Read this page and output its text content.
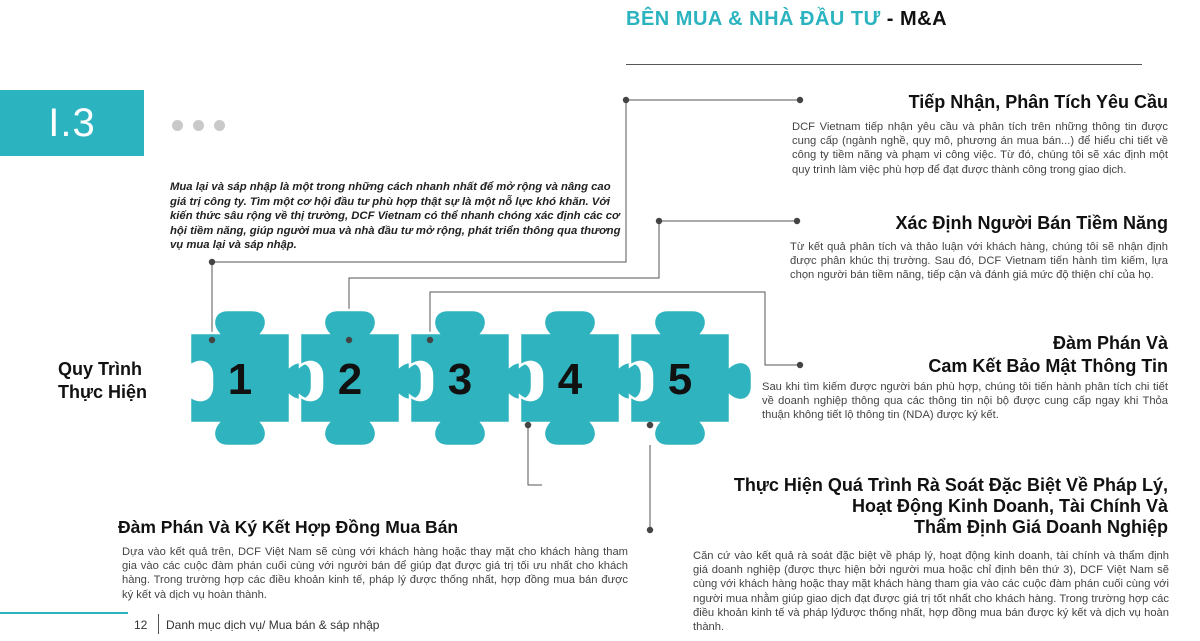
1 2 3 4 5
BÊN MUA & NHÀ ĐẦU TƯ - M&A
I.3
Mua lại và sáp nhập là một trong những cách nhanh nhất để mở rộng và nâng cao giá trị công ty. Tìm một cơ hội đầu tư phù hợp thật sự là một nỗ lực khó khăn. Với kiến thức sâu rộng về thị trường, DCF Vietnam có thể nhanh chóng xác định các cơ hội tiềm năng, giúp người mua và nhà đầu tư mở rộng, phát triển thông qua thương vụ mua lại và sáp nhập.
Quy Trình
Thực Hiện
Tiếp Nhận, Phân Tích Yêu Cầu
DCF Vietnam tiếp nhận yêu cầu và phân tích trên những thông tin được cung cấp (ngành nghề, quy mô, phương án mua bán...) để hiểu chi tiết về công ty tiềm năng và phạm vi công việc. Từ đó, chúng tôi sẽ xác định một quy trình làm việc phù hợp để đạt được thành công trong giao dịch.
Xác Định Người Bán Tiềm Năng
Từ kết quả phân tích và thảo luận với khách hàng, chúng tôi sẽ nhận định được phân khúc thị trường. Sau đó, DCF Vietnam tiến hành tìm kiếm, lựa chọn người bán tiềm năng, tiếp cận và đánh giá mức độ thiện chí của họ.
Đàm Phán Và
Cam Kết Bảo Mật Thông Tin
Sau khi tìm kiếm được người bán phù hợp, chúng tôi tiến hành phân tích chi tiết về doanh nghiệp thông qua các thông tin nội bộ được cung cấp ngay khi Thỏa thuận không tiết lộ thông tin (NDA) được ký kết.
Thực Hiện Quá Trình Rà Soát Đặc Biệt Về Pháp Lý,
Hoạt Động Kinh Doanh, Tài Chính Và
Thẩm Định Giá Doanh Nghiệp
Căn cứ vào kết quả rà soát đặc biệt về pháp lý, hoạt động kinh doanh, tài chính và thẩm định giá doanh nghiệp (được thực hiện bởi người mua hoặc chỉ định bên thứ 3), DCF Việt Nam sẽ cùng với khách hàng hoặc thay mặt khách hàng tham gia vào các cuộc đàm phán cuối cùng với người mua nhằm giúp giao dịch đạt được giá trị tốt nhất cho khách hàng. Trong trường hợp các điều khoản kinh tế và pháp lýđược thống nhất, hợp đồng mua bán được ký kết và dịch vụ hoàn thành.
Đàm Phán Và Ký Kết Hợp Đồng Mua Bán
Dựa vào kết quả trên, DCF Việt Nam sẽ cùng với khách hàng hoặc thay mặt cho khách hàng tham gia vào các cuộc đàm phán cuối cùng với người bán để giúp đạt được giá trị tối ưu nhất cho khách hàng. Trong trường hợp các điều khoản kinh tế, pháp lý được thống nhất, hợp đồng mua bán được ký kết và dịch vụ hoàn thành.
12 Danh mục dịch vụ/ Mua bán & sáp nhập
